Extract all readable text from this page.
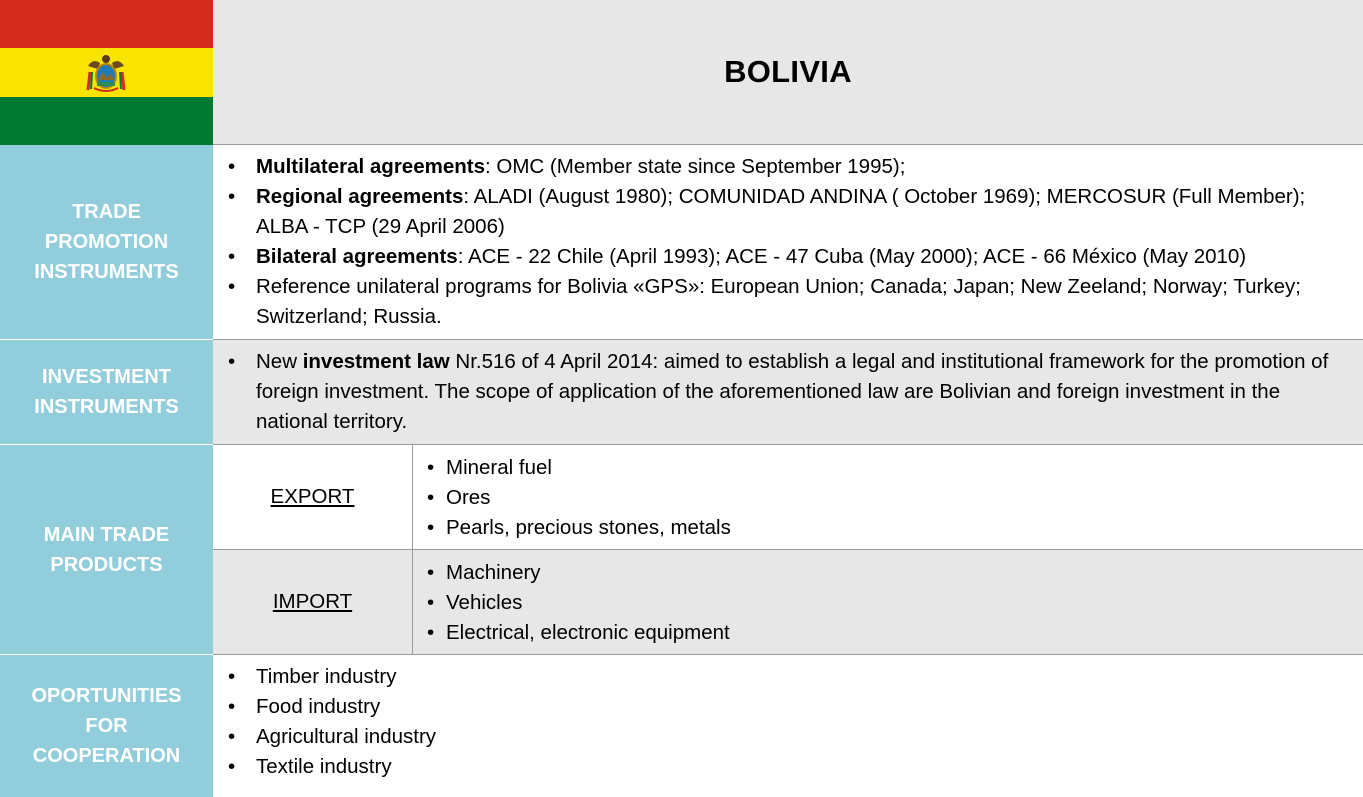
BOLIVIA
TRADE PROMOTION INSTRUMENTS
• Multilateral agreements: OMC (Member state since September 1995);
• Regional agreements: ALADI (August 1980); COMUNIDAD ANDINA ( October 1969); MERCOSUR (Full Member); ALBA - TCP (29 April 2006)
• Bilateral agreements: ACE - 22 Chile (April 1993); ACE - 47 Cuba (May 2000); ACE - 66 México (May 2010)
• Reference unilateral programs for Bolivia «GPS»: European Union; Canada; Japan; New Zeeland; Norway; Turkey; Switzerland; Russia.
INVESTMENT INSTRUMENTS
• New investment law Nr.516 of 4 April 2014: aimed to establish a legal and institutional framework for the promotion of foreign investment. The scope of application of the aforementioned law are Bolivian and foreign investment in the national territory.
MAIN TRADE PRODUCTS
EXPORT
• Mineral fuel
• Ores
• Pearls, precious stones, metals
IMPORT
• Machinery
• Vehicles
• Electrical, electronic equipment
OPORTUNITIES FOR COOPERATION
• Timber industry
• Food industry
• Agricultural industry
• Textile industry
